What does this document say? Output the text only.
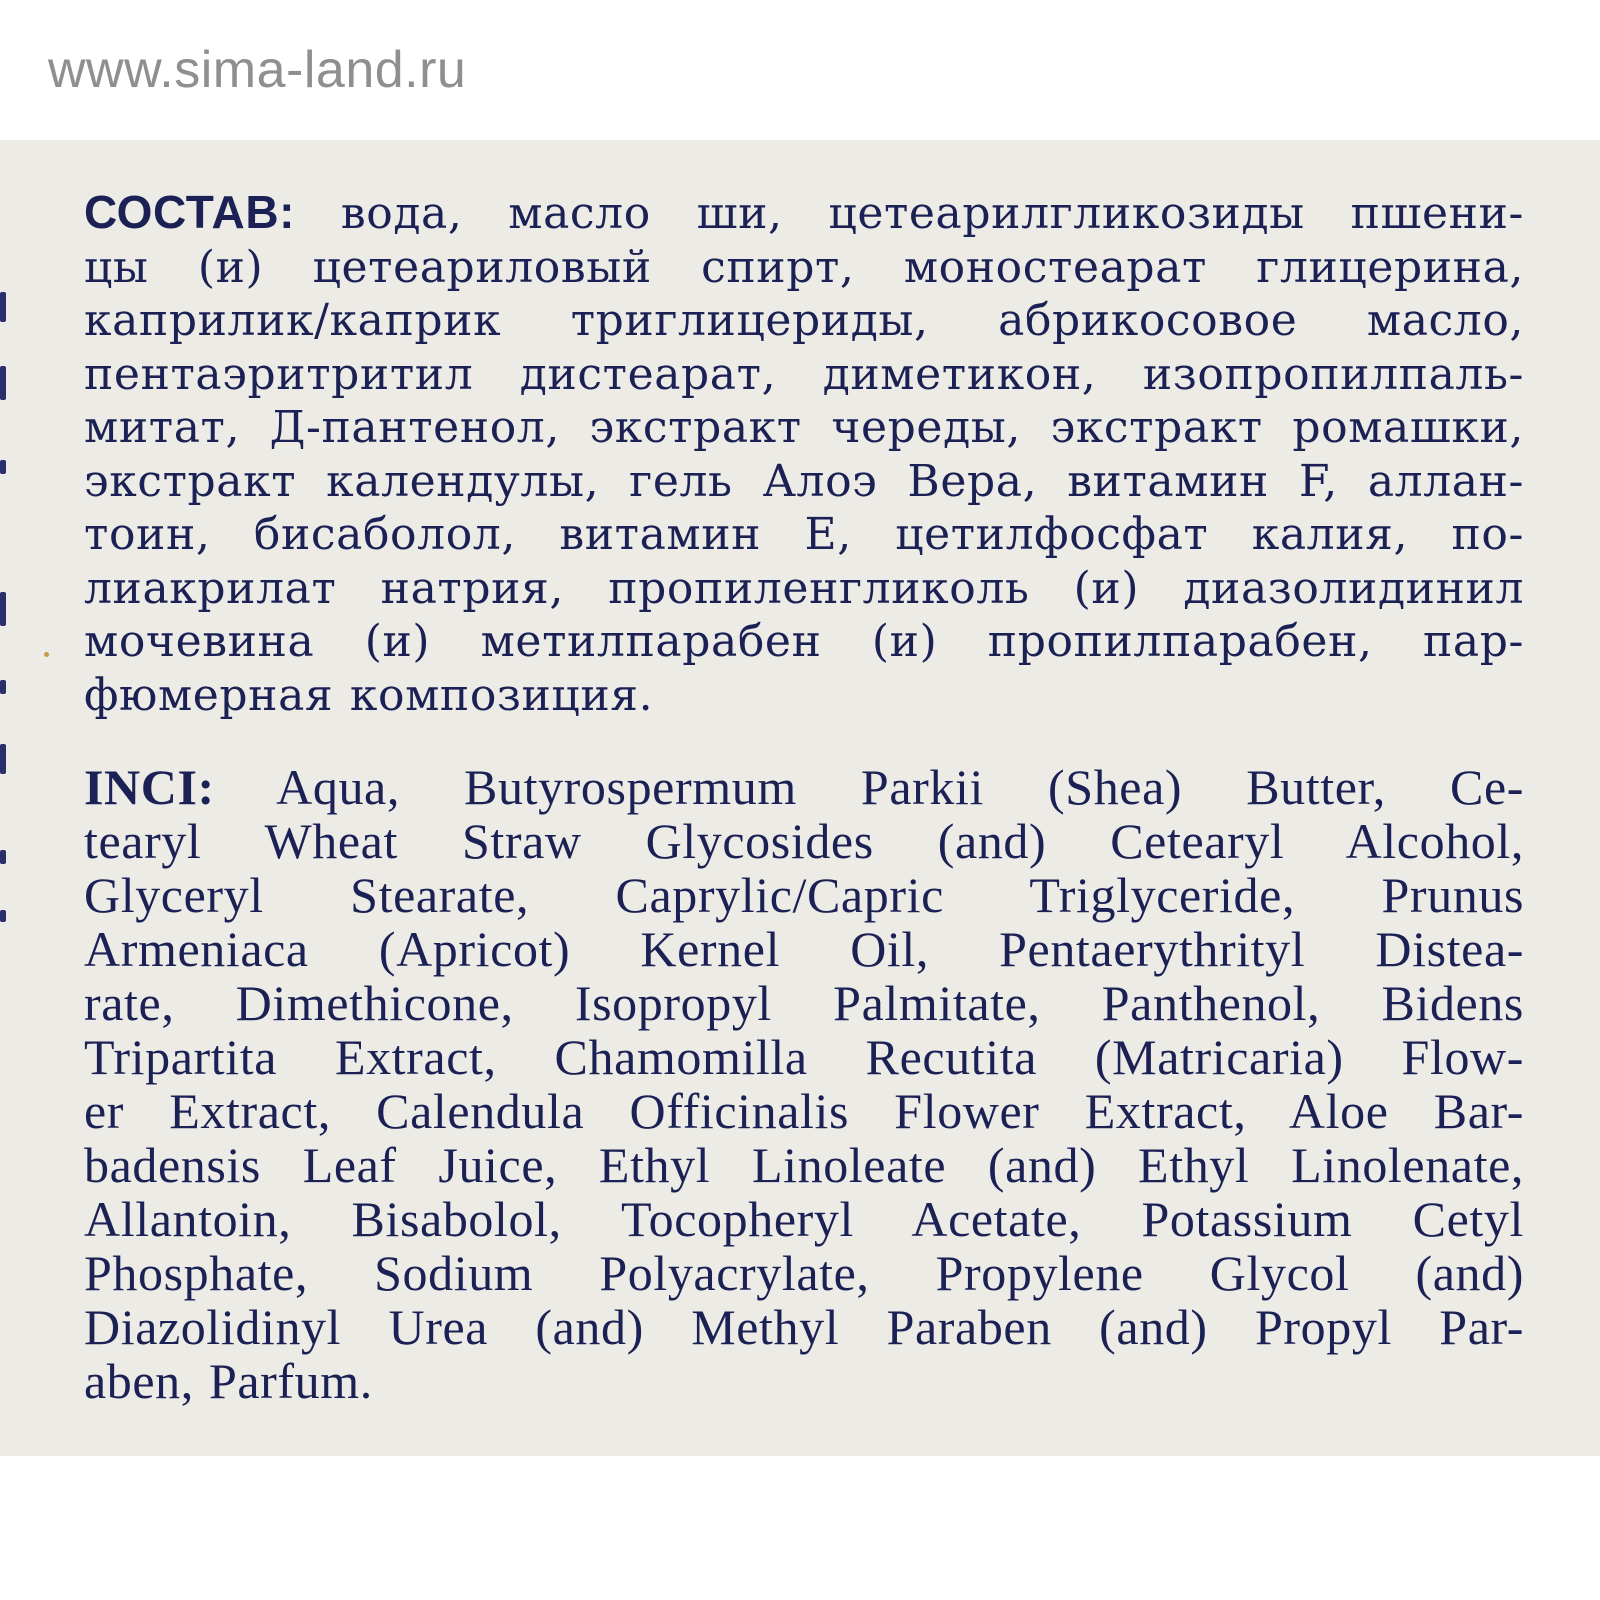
www.sima-land.ru
СОСТАВ: вода, масло ши, цетеарилгликозиды пшени-
цы (и) цетеариловый спирт, моностеарат глицерина,
каприлик/каприк триглицериды, абрикосовое масло,
пентаэритритил дистеарат, диметикон, изопропилпаль-
митат, Д-пантенол, экстракт череды, экстракт ромашки,
экстракт календулы, гель Алоэ Вера, витамин F, аллан-
тоин, бисаболол, витамин Е, цетилфосфат калия, по-
лиакрилат натрия, пропиленгликоль (и) диазолидинил
мочевина (и) метилпарабен (и) пропилпарабен, пар-
фюмерная композиция.
INCI: Aqua, Butyrospermum Parkii (Shea) Butter, Ce-
tearyl Wheat Straw Glycosides (and) Cetearyl Alcohol,
Glyceryl Stearate, Caprylic/Capric Triglyceride, Prunus
Armeniaca (Apricot) Kernel Oil, Pentaerythrityl Distea-
rate, Dimethicone, Isopropyl Palmitate, Panthenol, Bidens
Tripartita Extract, Chamomilla Recutita (Matricaria) Flow-
er Extract, Calendula Officinalis Flower Extract, Aloe Bar-
badensis Leaf Juice, Ethyl Linoleate (and) Ethyl Linolenate,
Allantoin, Bisabolol, Tocopheryl Acetate, Potassium Cetyl
Phosphate, Sodium Polyacrylate, Propylene Glycol (and)
Diazolidinyl Urea (and) Methyl Paraben (and) Propyl Par-
aben, Parfum.
